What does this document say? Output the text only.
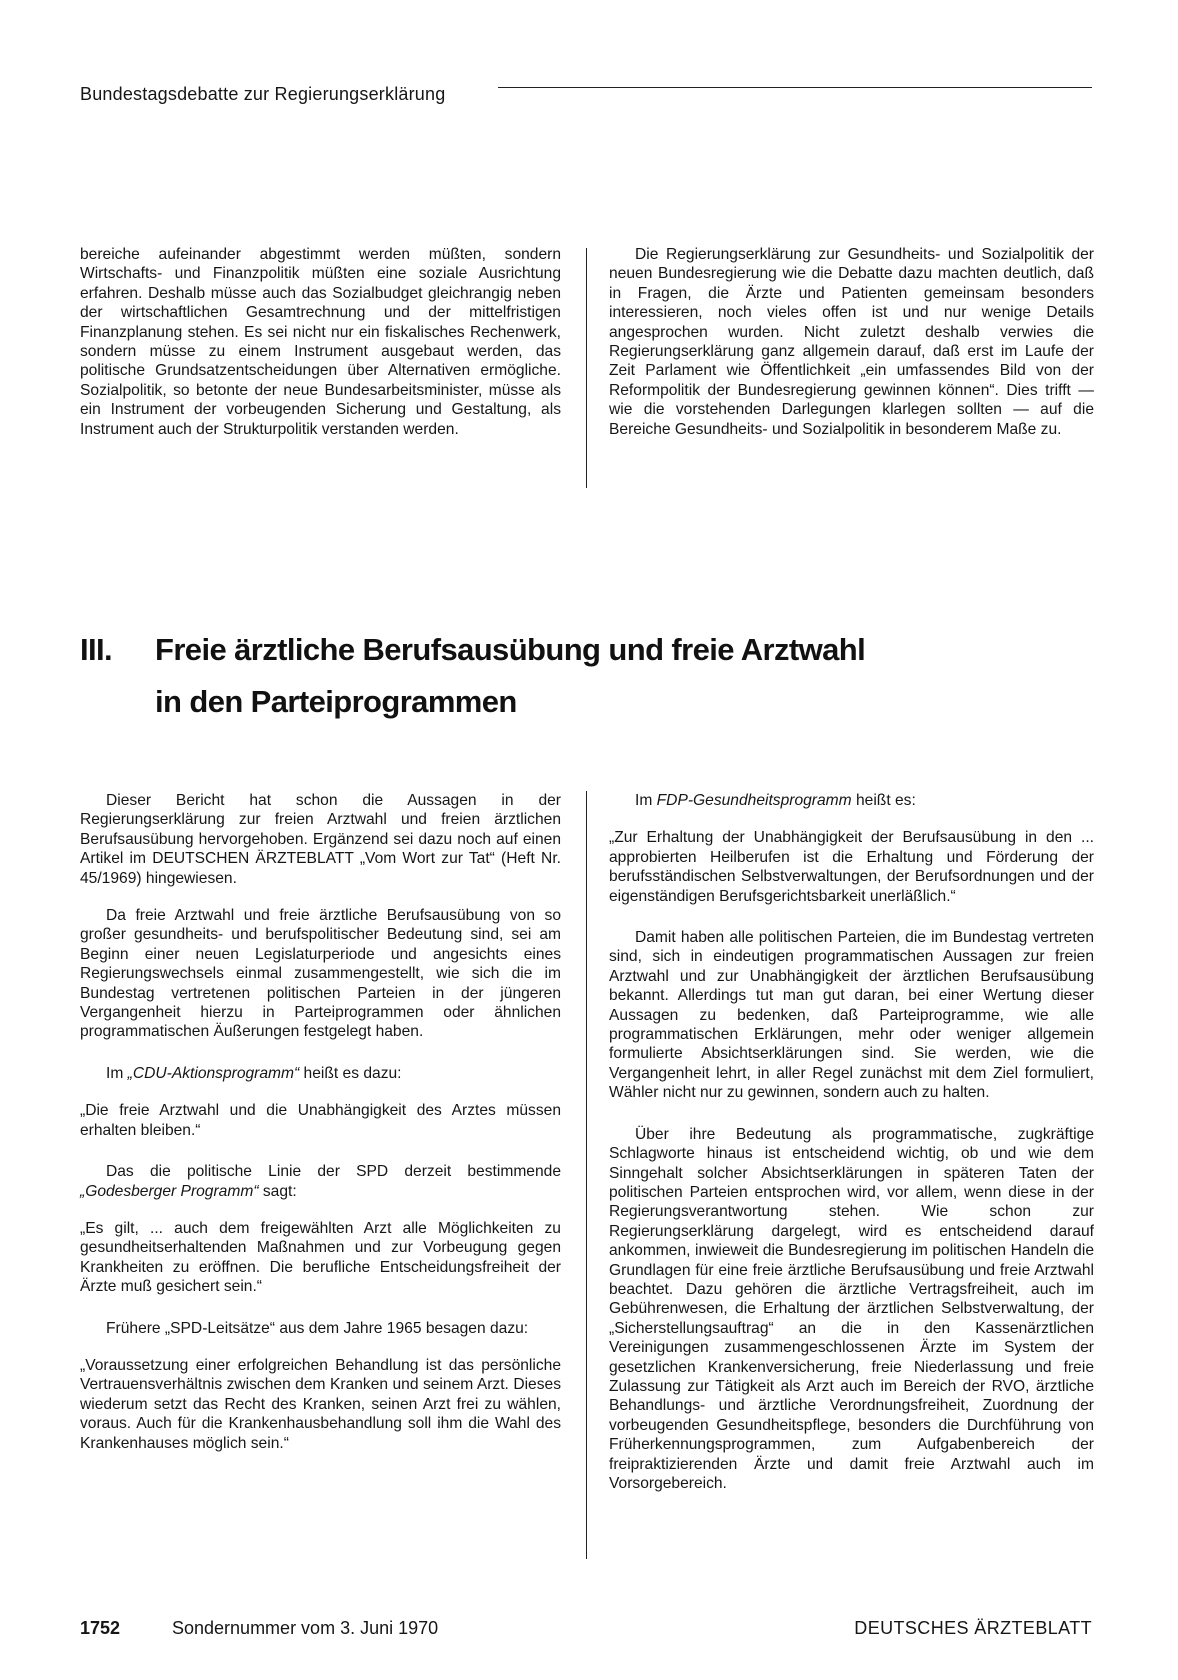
Bundestagsdebatte zur Regierungserklärung

bereiche aufeinander abgestimmt werden müßten, sondern Wirtschafts- und Finanzpolitik müßten eine soziale Ausrichtung erfahren. Deshalb müsse auch das Sozialbudget gleichrangig neben der wirtschaftlichen Gesamtrechnung und der mittelfristigen Finanzplanung stehen. Es sei nicht nur ein fiskalisches Rechenwerk, sondern müsse zu einem Instrument ausgebaut werden, das politische Grundsatzentscheidungen über Alternativen ermögliche. Sozialpolitik, so betonte der neue Bundesarbeitsminister, müsse als ein Instrument der vorbeugenden Sicherung und Gestaltung, als Instrument auch der Strukturpolitik verstanden werden.

Die Regierungserklärung zur Gesundheits- und Sozialpolitik der neuen Bundesregierung wie die Debatte dazu machten deutlich, daß in Fragen, die Ärzte und Patienten gemeinsam besonders interessieren, noch vieles offen ist und nur wenige Details angesprochen wurden. Nicht zuletzt deshalb verwies die Regierungserklärung ganz allgemein darauf, daß erst im Laufe der Zeit Parlament wie Öffentlichkeit „ein umfassendes Bild von der Reformpolitik der Bundesregierung gewinnen können“. Dies trifft — wie die vorstehenden Darlegungen klarlegen sollten — auf die Bereiche Gesundheits- und Sozialpolitik in besonderem Maße zu.

III. Freie ärztliche Berufsausübung und freie Arztwahl
in den Parteiprogrammen

Dieser Bericht hat schon die Aussagen in der Regierungserklärung zur freien Arztwahl und freien ärztlichen Berufsausübung hervorgehoben. Ergänzend sei dazu noch auf einen Artikel im DEUTSCHEN ÄRZTEBLATT „Vom Wort zur Tat“ (Heft Nr. 45/1969) hingewiesen.

Da freie Arztwahl und freie ärztliche Berufsausübung von so großer gesundheits- und berufspolitischer Bedeutung sind, sei am Beginn einer neuen Legislaturperiode und angesichts eines Regierungswechsels einmal zusammengestellt, wie sich die im Bundestag vertretenen politischen Parteien in der jüngeren Vergangenheit hierzu in Parteiprogrammen oder ähnlichen programmatischen Äußerungen festgelegt haben.

Im „CDU-Aktionsprogramm“ heißt es dazu:

„Die freie Arztwahl und die Unabhängigkeit des Arztes müssen erhalten bleiben.“

Das die politische Linie der SPD derzeit bestimmende „Godesberger Programm“ sagt:

„Es gilt, ... auch dem freigewählten Arzt alle Möglichkeiten zu gesundheitserhaltenden Maßnahmen und zur Vorbeugung gegen Krankheiten zu eröffnen. Die berufliche Entscheidungsfreiheit der Ärzte muß gesichert sein.“

Frühere „SPD-Leitsätze“ aus dem Jahre 1965 besagen dazu:

„Voraussetzung einer erfolgreichen Behandlung ist das persönliche Vertrauensverhältnis zwischen dem Kranken und seinem Arzt. Dieses wiederum setzt das Recht des Kranken, seinen Arzt frei zu wählen, voraus. Auch für die Krankenhausbehandlung soll ihm die Wahl des Krankenhauses möglich sein.“

Im FDP-Gesundheitsprogramm heißt es:

„Zur Erhaltung der Unabhängigkeit der Berufsausübung in den ... approbierten Heilberufen ist die Erhaltung und Förderung der berufsständischen Selbstverwaltungen, der Berufsordnungen und der eigenständigen Berufsgerichtsbarkeit unerläßlich.“

Damit haben alle politischen Parteien, die im Bundestag vertreten sind, sich in eindeutigen programmatischen Aussagen zur freien Arztwahl und zur Unabhängigkeit der ärztlichen Berufsausübung bekannt. Allerdings tut man gut daran, bei einer Wertung dieser Aussagen zu bedenken, daß Parteiprogramme, wie alle programmatischen Erklärungen, mehr oder weniger allgemein formulierte Absichtserklärungen sind. Sie werden, wie die Vergangenheit lehrt, in aller Regel zunächst mit dem Ziel formuliert, Wähler nicht nur zu gewinnen, sondern auch zu halten.

Über ihre Bedeutung als programmatische, zugkräftige Schlagworte hinaus ist entscheidend wichtig, ob und wie dem Sinngehalt solcher Absichtserklärungen in späteren Taten der politischen Parteien entsprochen wird, vor allem, wenn diese in der Regierungsverantwortung stehen. Wie schon zur Regierungserklärung dargelegt, wird es entscheidend darauf ankommen, inwieweit die Bundesregierung im politischen Handeln die Grundlagen für eine freie ärztliche Berufsausübung und freie Arztwahl beachtet. Dazu gehören die ärztliche Vertragsfreiheit, auch im Gebührenwesen, die Erhaltung der ärztlichen Selbstverwaltung, der „Sicherstellungsauftrag“ an die in den Kassenärztlichen Vereinigungen zusammengeschlossenen Ärzte im System der gesetzlichen Krankenversicherung, freie Niederlassung und freie Zulassung zur Tätigkeit als Arzt auch im Bereich der RVO, ärztliche Behandlungs- und ärztliche Verordnungsfreiheit, Zuordnung der vorbeugenden Gesundheitspflege, besonders die Durchführung von Früherkennungsprogrammen, zum Aufgabenbereich der freipraktizierenden Ärzte und damit freie Arztwahl auch im Vorsorgebereich.

1752	Sondernummer vom 3. Juni 1970	DEUTSCHES ÄRZTEBLATT
